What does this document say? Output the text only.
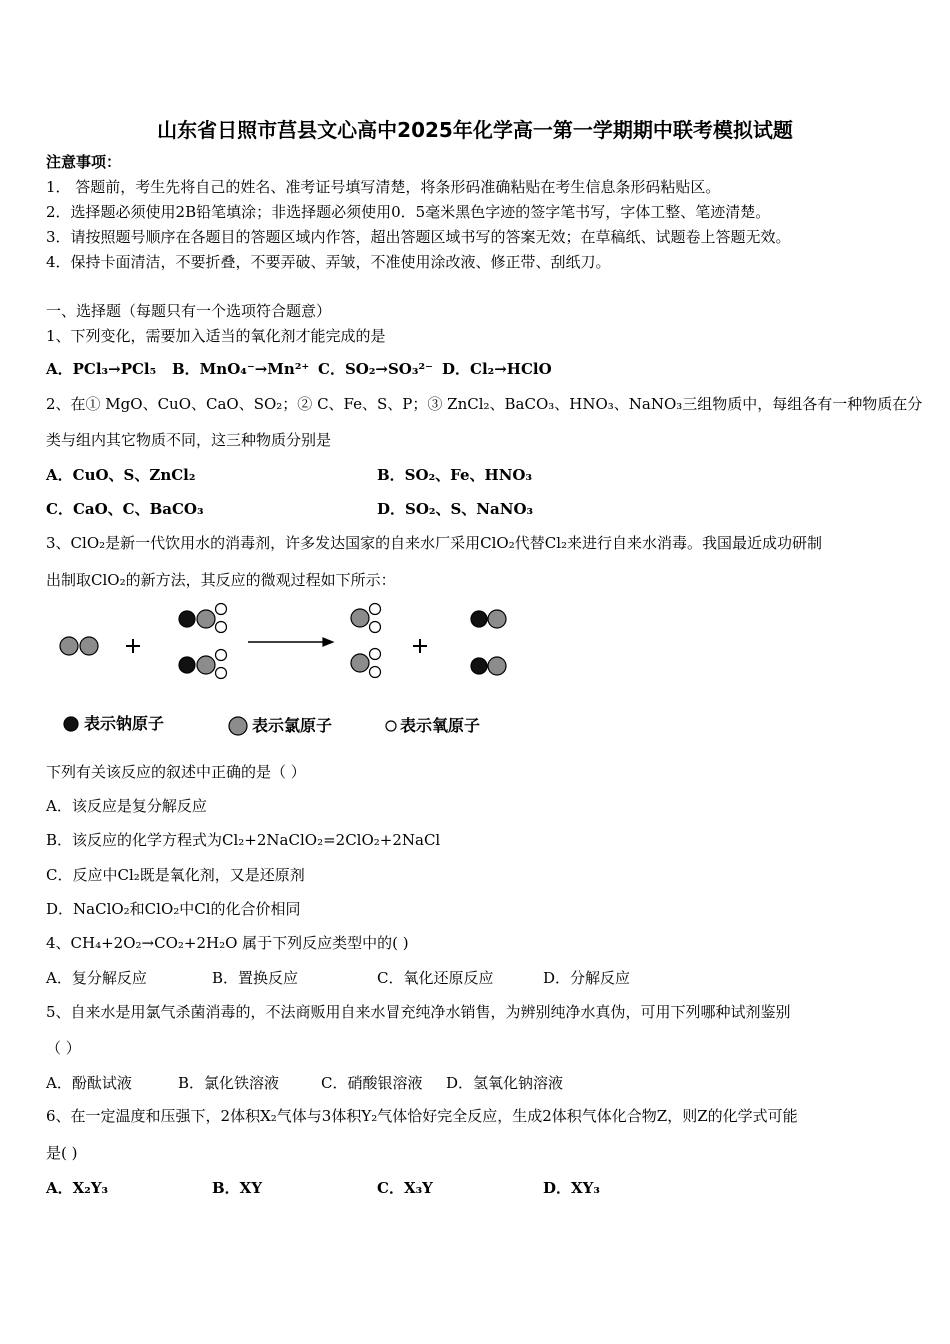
山东省日照市莒县文心高中2025年化学高一第一学期期中联考模拟试题
注意事项：
1． 答题前，考生先将自己的姓名、准考证号填写清楚，将条形码准确粘贴在考生信息条形码粘贴区。
2．选择题必须使用2B铅笔填涂；非选择题必须使用0．5毫米黑色字迹的签字笔书写，字体工整、笔迹清楚。
3．请按照题号顺序在各题目的答题区域内作答，超出答题区域书写的答案无效；在草稿纸、试题卷上答题无效。
4．保持卡面清洁，不要折叠，不要弄破、弄皱，不准使用涂改液、修正带、刮纸刀。
一、选择题（每题只有一个选项符合题意）
1、下列变化，需要加入适当的氧化剂才能完成的是
A．PCl₃→PCl₅ B．MnO₄⁻→Mn²⁺ C．SO₂→SO₃²⁻ D．Cl₂→HClO
2、在① MgO、CuO、CaO、SO₂；② C、Fe、S、P；③ ZnCl₂、BaCO₃、HNO₃、NaNO₃三组物质中，每组各有一种物质在分
类与组内其它物质不同，这三种物质分别是
A．CuO、S、ZnCl₂	B．SO₂、Fe、HNO₃
C．CaO、C、BaCO₃	D．SO₂、S、NaNO₃
3、ClO₂是新一代饮用水的消毒剂，许多发达国家的自来水厂采用ClO₂代替Cl₂来进行自来水消毒。我国最近成功研制
出制取ClO₂的新方法，其反应的微观过程如下所示：
表示钠原子	表示氯原子	表示氧原子
下列有关该反应的叙述中正确的是（ ）
A．该反应是复分解反应
B．该反应的化学方程式为Cl₂+2NaClO₂=2ClO₂+2NaCl
C．反应中Cl₂既是氧化剂，又是还原剂
D．NaClO₂和ClO₂中Cl的化合价相同
4、CH₄+2O₂→CO₂+2H₂O 属于下列反应类型中的( )
A．复分解反应	B．置换反应	C．氧化还原反应	D．分解反应
5、自来水是用氯气杀菌消毒的，不法商贩用自来水冒充纯净水销售，为辨别纯净水真伪，可用下列哪种试剂鉴别
（ ）
A．酚酞试液	B．氯化铁溶液	C．硝酸银溶液 D．氢氧化钠溶液
6、在一定温度和压强下，2体积X₂气体与3体积Y₂气体恰好完全反应，生成2体积气体化合物Z，则Z的化学式可能
是( )
A．X₂Y₃	B．XY	C．X₃Y	D．XY₃
